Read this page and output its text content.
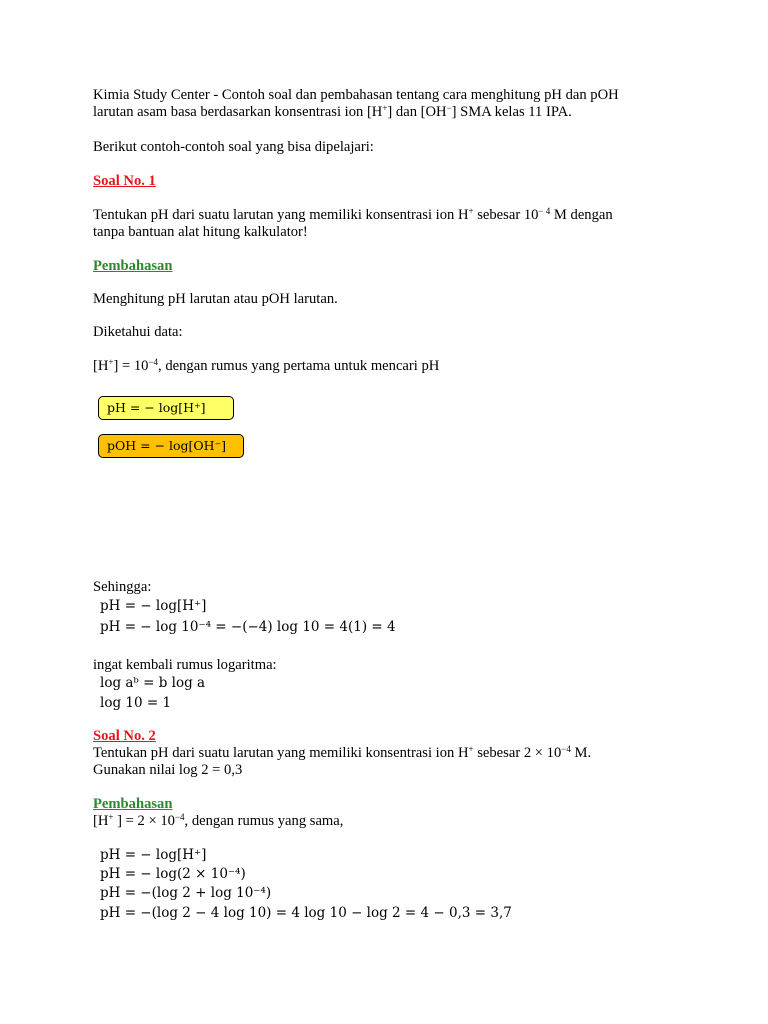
Kimia Study Center - Contoh soal dan pembahasan tentang cara menghitung pH dan pOH
larutan asam basa berdasarkan konsentrasi ion [H+] dan [OH−] SMA kelas 11 IPA.
Berikut contoh-contoh soal yang bisa dipelajari:
Soal No. 1
Tentukan pH dari suatu larutan yang memiliki konsentrasi ion H+ sebesar $10^{- 4}$ M dengan
tanpa bantuan alat hitung kalkulator!
Pembahasan
Menghitung pH larutan atau pOH larutan.
Diketahui data:
$[H^+] = 10^{-4}$, dengan rumus yang pertama untuk mencari pH
pH = − log[H⁺]
pOH = − log[OH⁻]
Sehingga:
pH = − log[H⁺]
pH = − log 10⁻⁴ = −(−4) log 10 = 4(1) = 4
ingat kembali rumus logaritma:
log aᵇ = b log a
log 10 = 1
Soal No. 2
Tentukan pH dari suatu larutan yang memiliki konsentrasi ion H+ sebesar $2 \times 10^{-4}$ M.
Gunakan nilai log 2 = 0,3
Pembahasan
[H+ ] = $2 \times 10^{-4}$, dengan rumus yang sama,
pH = − log[H⁺]
pH = − log(2 × 10⁻⁴)
pH = −(log 2 + log 10⁻⁴)
pH = −(log 2 − 4 log 10) = 4 log 10 − log 2 = 4 − 0,3 = 3,7
